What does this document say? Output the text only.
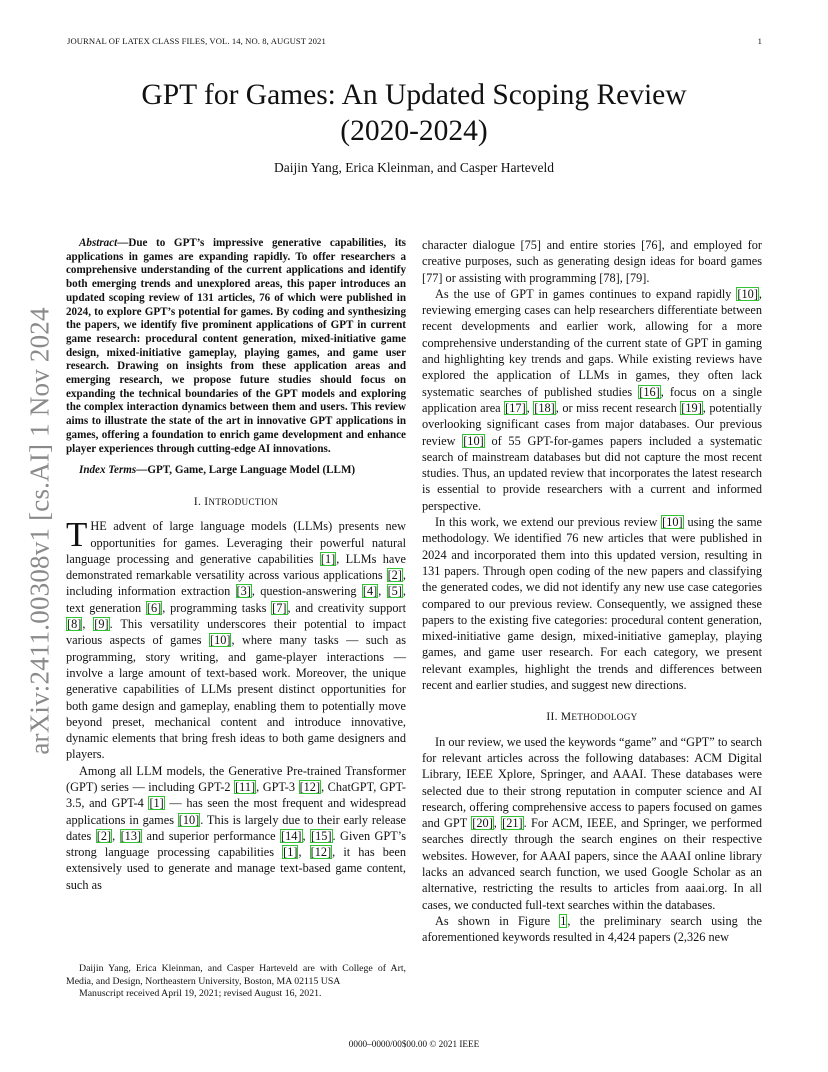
JOURNAL OF LATEX CLASS FILES, VOL. 14, NO. 8, AUGUST 2021	1
GPT for Games: An Updated Scoping Review
(2020-2024)
Daijin Yang, Erica Kleinman, and Casper Harteveld
arXiv:2411.00308v1 [cs.AI] 1 Nov 2024

Abstract—Due to GPT’s impressive generative capabilities, its applications in games are expanding rapidly. To offer researchers a comprehensive understanding of the current applications and identify both emerging trends and unexplored areas, this paper introduces an updated scoping review of 131 articles, 76 of which were published in 2024, to explore GPT’s potential for games. By coding and synthesizing the papers, we identify five prominent applications of GPT in current game research: procedural content generation, mixed-initiative game design, mixed-initiative gameplay, playing games, and game user research. Drawing on insights from these application areas and emerging research, we propose future studies should focus on expanding the technical boundaries of the GPT models and exploring the complex interaction dynamics between them and users. This review aims to illustrate the state of the art in innovative GPT applications in games, offering a foundation to enrich game development and enhance player experiences through cutting-edge AI innovations.

Index Terms—GPT, Game, Large Language Model (LLM)

I. INTRODUCTION

THE advent of large language models (LLMs) presents new opportunities for games. Leveraging their powerful natural language processing and generative capabilities [1], LLMs have demonstrated remarkable versatility across various applications [2], including information extraction [3], question-answering [4], [5], text generation [6], programming tasks [7], and creativity support [8], [9]. This versatility underscores their potential to impact various aspects of games [10], where many tasks — such as programming, story writing, and game-player interactions — involve a large amount of text-based work. Moreover, the unique generative capabilities of LLMs present distinct opportunities for both game design and gameplay, enabling them to potentially move beyond preset, mechanical content and introduce innovative, dynamic elements that bring fresh ideas to both game designers and players.

Among all LLM models, the Generative Pre-trained Transformer (GPT) series — including GPT-2 [11], GPT-3 [12], ChatGPT, GPT-3.5, and GPT-4 [1] — has seen the most frequent and widespread applications in games [10]. This is largely due to their early release dates [2], [13] and superior performance [14], [15]. Given GPT’s strong language processing capabilities [1], [12], it has been extensively used to generate and manage text-based game content, such as

character dialogue [75] and entire stories [76], and employed for creative purposes, such as generating design ideas for board games [77] or assisting with programming [78], [79].

As the use of GPT in games continues to expand rapidly [10], reviewing emerging cases can help researchers differentiate between recent developments and earlier work, allowing for a more comprehensive understanding of the current state of GPT in gaming and highlighting key trends and gaps. While existing reviews have explored the application of LLMs in games, they often lack systematic searches of published studies [16], focus on a single application area [17], [18], or miss recent research [19], potentially overlooking significant cases from major databases. Our previous review [10] of 55 GPT-for-games papers included a systematic search of mainstream databases but did not capture the most recent studies. Thus, an updated review that incorporates the latest research is essential to provide researchers with a current and informed perspective.

In this work, we extend our previous review [10] using the same methodology. We identified 76 new articles that were published in 2024 and incorporated them into this updated version, resulting in 131 papers. Through open coding of the new papers and classifying the generated codes, we did not identify any new use case categories compared to our previous review. Consequently, we assigned these papers to the existing five categories: procedural content generation, mixed-initiative game design, mixed-initiative gameplay, playing games, and game user research. For each category, we present relevant examples, highlight the trends and differences between recent and earlier studies, and suggest new directions.

II. METHODOLOGY

In our review, we used the keywords “game” and “GPT” to search for relevant articles across the following databases: ACM Digital Library, IEEE Xplore, Springer, and AAAI. These databases were selected due to their strong reputation in computer science and AI research, offering comprehensive access to papers focused on games and GPT [20], [21]. For ACM, IEEE, and Springer, we performed searches directly through the search engines on their respective websites. However, for AAAI papers, since the AAAI online library lacks an advanced search function, we used Google Scholar as an alternative, restricting the results to articles from aaai.org. In all cases, we conducted full-text searches within the databases.

As shown in Figure 1, the preliminary search using the aforementioned keywords resulted in 4,424 papers (2,326 new

Daijin Yang, Erica Kleinman, and Casper Harteveld are with College of Art, Media, and Design, Northeastern University, Boston, MA 02115 USA

Manuscript received April 19, 2021; revised August 16, 2021.

0000–0000/00$00.00 © 2021 IEEE
